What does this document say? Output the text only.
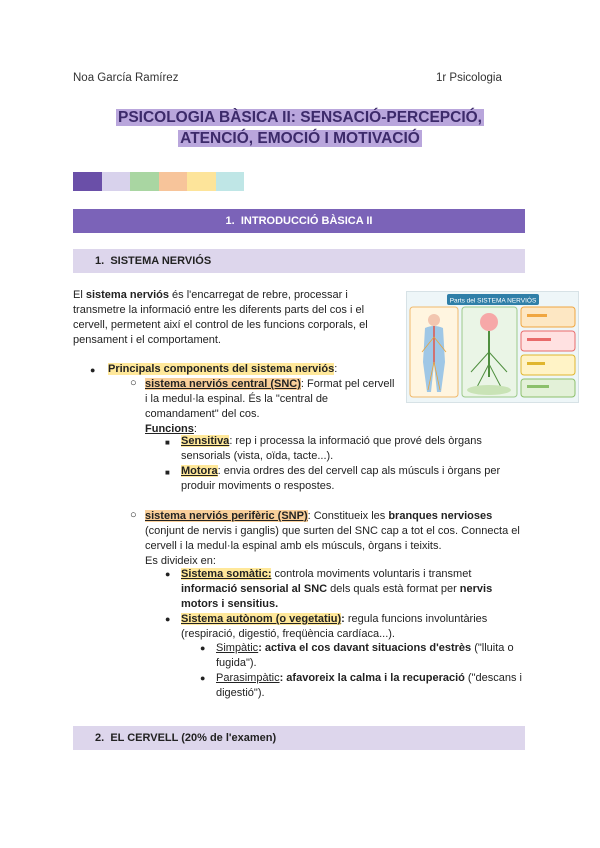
Noa García Ramírez	1r Psicologia
PSICOLOGIA BÀSICA II: SENSACIÓ-PERCEPCIÓ,
ATENCIÓ, EMOCIÓ I MOTIVACIÓ
1.
INTRODUCCIÓ BÀSICA II
1.
SISTEMA NERVIÓS
El sistema nerviós és l'encarregat de rebre, processar i
transmetre la informació entre les diferents parts del cos i el
cervell, permetent així el control de les funcions corporals, el
pensament i el comportament.
Parts del SISTEMA NERVIÓS
● Principals components del sistema nerviós:
○ sistema nerviós central (SNC): Format pel cervell
i la medul·la espinal. És la "central de
comandament" del cos.
Funcions:
■ Sensitiva: rep i processa la informació que prové dels òrgans
sensorials (vista, oïda, tacte...).
■ Motora: envia ordres des del cervell cap als músculs i òrgans per
produir moviments o respostes.
○ sistema nerviós perifèric (SNP): Constitueix les branques nervioses
(conjunt de nervis i ganglis) que surten del SNC cap a tot el cos. Connecta el
cervell i la medul·la espinal amb els músculs, òrgans i teixits.
Es divideix en:
● Sistema somàtic: controla moviments voluntaris i transmet
informació sensorial al SNC dels quals està format per nervis
motors i sensitius.
● Sistema autònom (o vegetatiu): regula funcions involuntàries
(respiració, digestió, freqüència cardíaca...).
● Simpàtic: activa el cos davant situacions d'estrès ("lluita o
fugida").
● Parasimpàtic: afavoreix la calma i la recuperació ("descans i
digestió").
2.
EL CERVELL (20% de l'examen)
